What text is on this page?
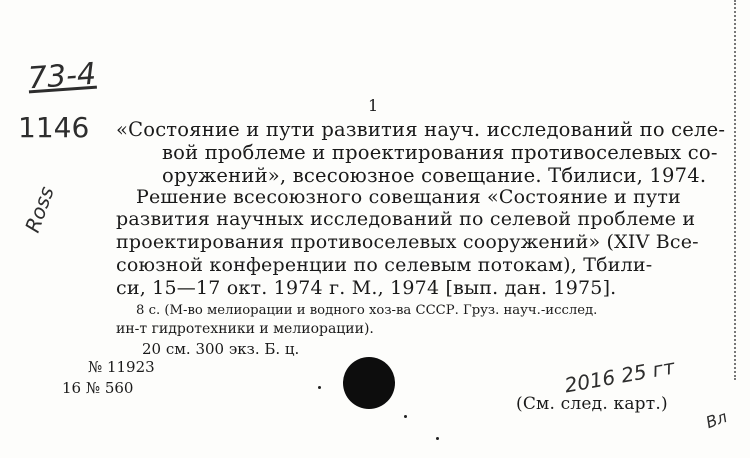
73-4
1146
Ross
2016 25 гт
Вл
1
«Состояние и пути развития науч. исследований по селе-
вой проблеме и проектирования противоселевых со-
оружений», всесоюзное совещание. Тбилиси, 1974.
Решение всесоюзного совещания «Состояние и пути
развития научных исследований по селевой проблеме и
проектирования противоселевых сооружений» (XIV Все-
союзной конференции по селевым потокам), Тбили-
си, 15—17 окт. 1974 г. М., 1974 [вып. дан. 1975].
8 с. (М-во мелиорации и водного хоз-ва СССР. Груз. науч.-исслед.
ин-т гидротехники и мелиорации).
20 см. 300 экз. Б. ц.
№ 11923
16 № 560
(См. след. карт.)
